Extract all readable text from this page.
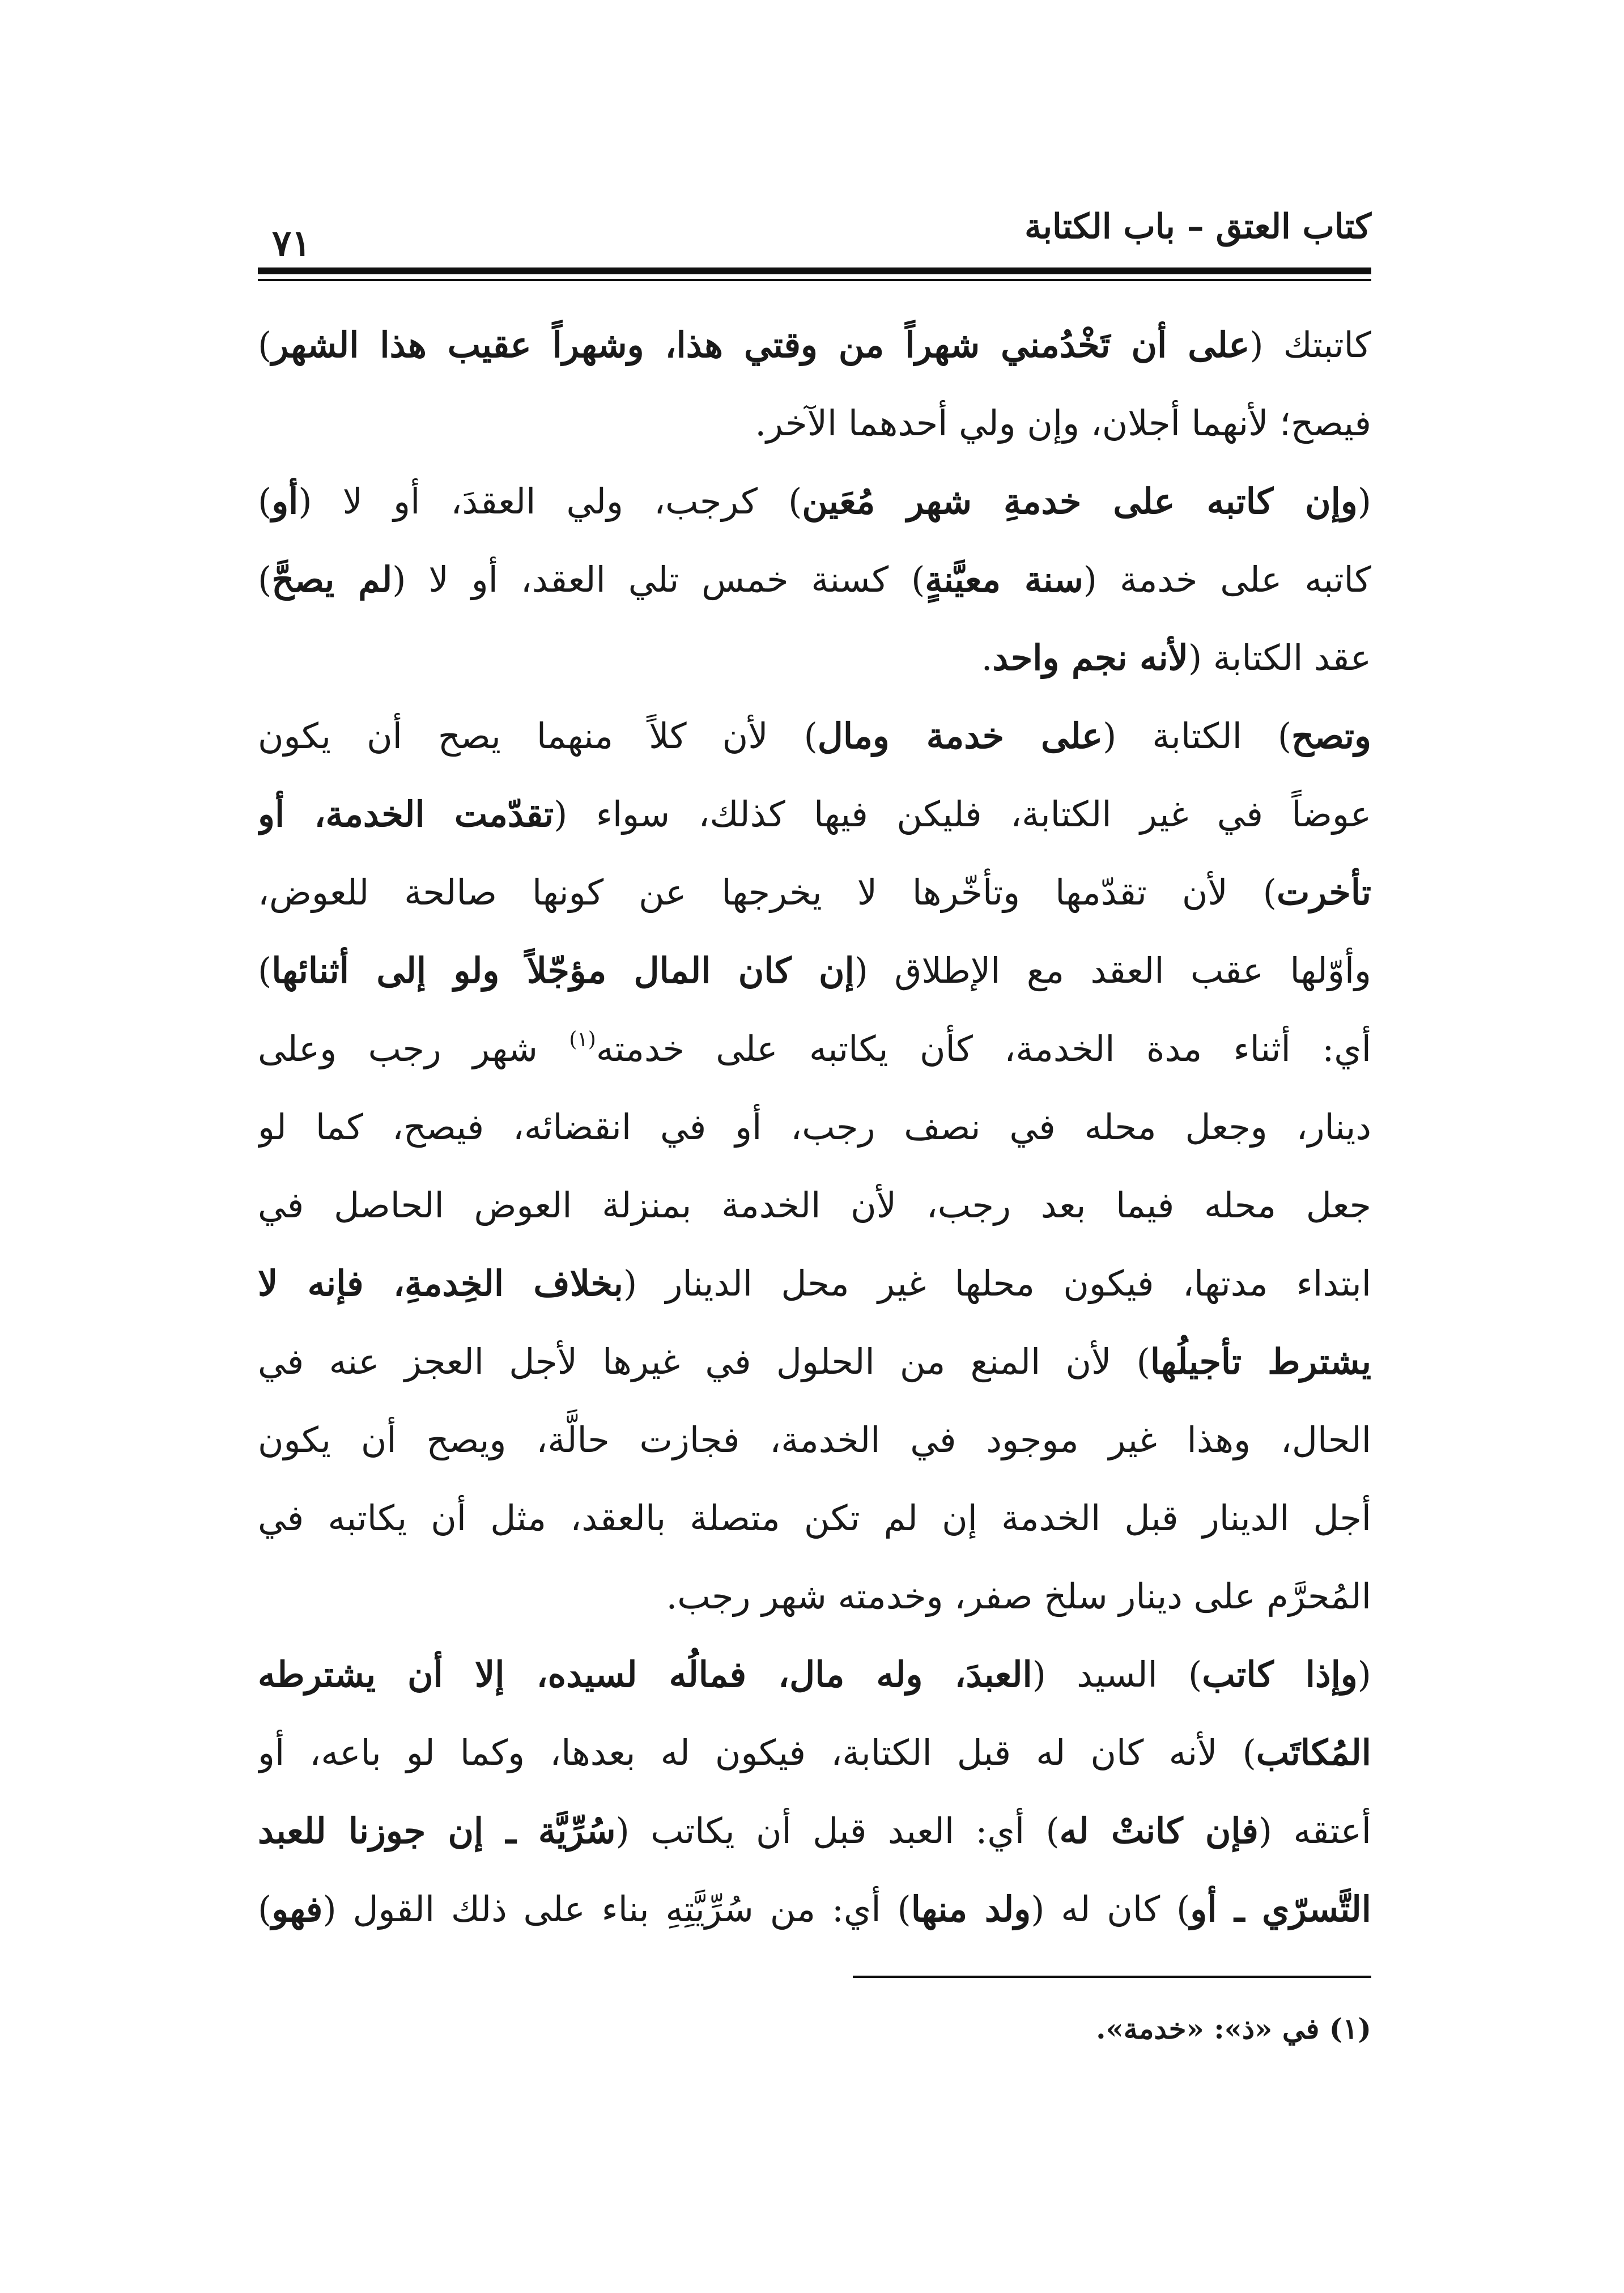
كتاب العتق – باب الكتابة
٧١
كاتبتك (على أن تَخْدُمني شهراً من وقتي هذا، وشهراً عقيب هذا الشهر)
فيصح؛ لأنهما أجلان، وإن ولي أحدهما الآخر.
(وإن كاتبه على خدمةِ شهر مُعَين) كرجب، ولي العقدَ، أو لا (أو)
كاتبه على خدمة (سنة معيَّنةٍ) كسنة خمس تلي العقد، أو لا (لم يصحَّ)
عقد الكتابة (لأنه نجم واحد.
وتصح) الكتابة (على خدمة ومال) لأن كلاً منهما يصح أن يكون
عوضاً في غير الكتابة، فليكن فيها كذلك، سواء (تقدّمت الخدمة، أو
تأخرت) لأن تقدّمها وتأخّرها لا يخرجها عن كونها صالحة للعوض،
وأوّلها عقب العقد مع الإطلاق (إن كان المال مؤجّلاً ولو إلى أثنائها)
أي: أثناء مدة الخدمة، كأن يكاتبه على خدمته$^{(١)}$ شهر رجب وعلى
دينار، وجعل محله في نصف رجب، أو في انقضائه، فيصح، كما لو
جعل محله فيما بعد رجب، لأن الخدمة بمنزلة العوض الحاصل في
ابتداء مدتها، فيكون محلها غير محل الدينار (بخلاف الخِدمةِ، فإنه لا
يشترط تأجيلُها) لأن المنع من الحلول في غيرها لأجل العجز عنه في
الحال، وهذا غير موجود في الخدمة، فجازت حالَّة، ويصح أن يكون
أجل الدينار قبل الخدمة إن لم تكن متصلة بالعقد، مثل أن يكاتبه في
المُحرَّم على دينار سلخ صفر، وخدمته شهر رجب.
(وإذا كاتب) السيد (العبدَ، وله مال، فمالُه لسيده، إلا أن يشترطه
المُكاتَب) لأنه كان له قبل الكتابة، فيكون له بعدها، وكما لو باعه، أو
أعتقه (فإن كانتْ له) أي: العبد قبل أن يكاتب (سُرِّيَّة ـ إن جوزنا للعبد
التَّسرّي ـ أو) كان له (ولد منها) أي: من سُرِّيَّتِهِ بناء على ذلك القول (فهو)
(١) في «ذ»: «خدمة».
